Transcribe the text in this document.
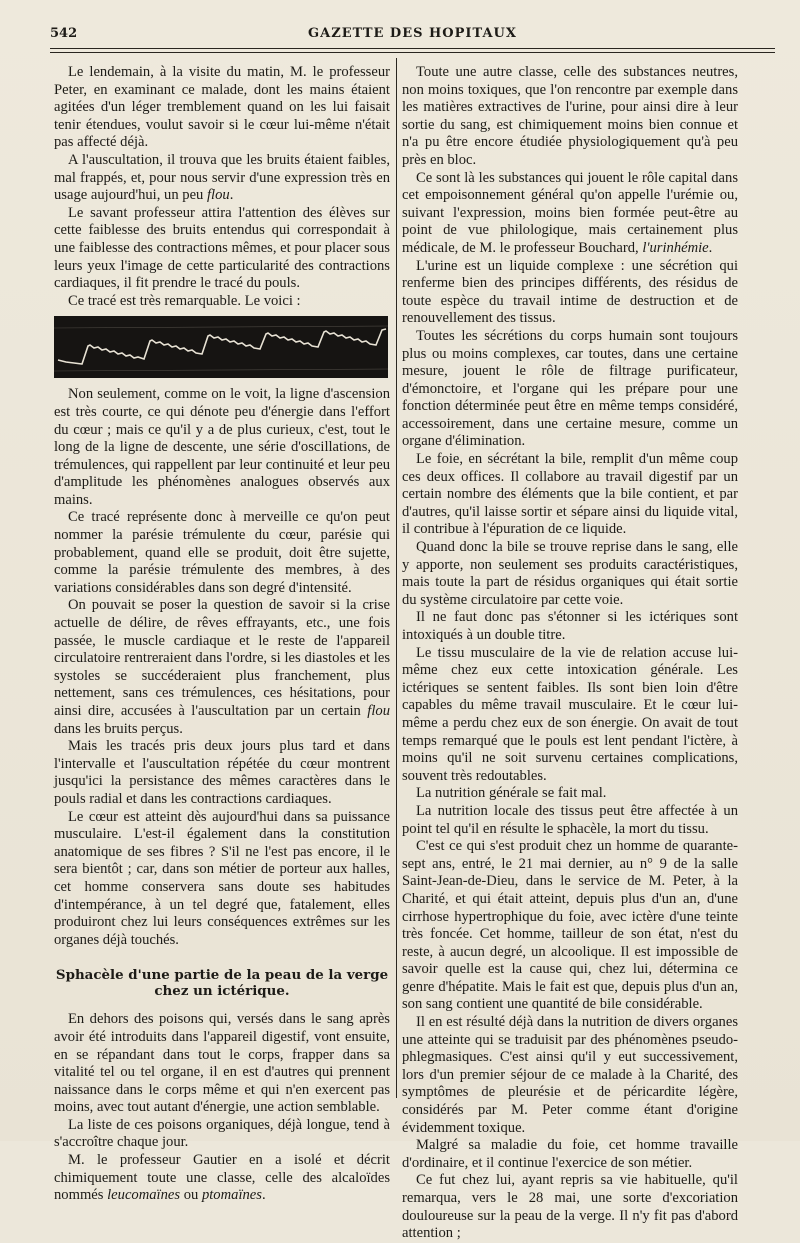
542	GAZETTE DES HOPITAUX

Le lendemain, à la visite du matin, M. le professeur Peter, en examinant ce malade, dont les mains étaient agitées d'un léger tremblement quand on les lui faisait tenir étendues, voulut savoir si le cœur lui-même n'était pas affecté déjà.

A l'auscultation, il trouva que les bruits étaient faibles, mal frappés, et, pour nous servir d'une expression très en usage aujourd'hui, un peu flou.

Le savant professeur attira l'attention des élèves sur cette faiblesse des bruits entendus qui correspondait à une faiblesse des contractions mêmes, et pour placer sous leurs yeux l'image de cette particularité des contractions cardiaques, il fit prendre le tracé du pouls.

Ce tracé est très remarquable. Le voici :

Non seulement, comme on le voit, la ligne d'ascension est très courte, ce qui dénote peu d'énergie dans l'effort du cœur ; mais ce qu'il y a de plus curieux, c'est, tout le long de la ligne de descente, une série d'oscillations, de trémulences, qui rappellent par leur continuité et leur peu d'amplitude les phénomènes analogues observés aux mains.

Ce tracé représente donc à merveille ce qu'on peut nommer la parésie trémulente du cœur, parésie qui probablement, quand elle se produit, doit être sujette, comme la parésie trémulente des membres, à des variations considérables dans son degré d'intensité.

On pouvait se poser la question de savoir si la crise actuelle de délire, de rêves effrayants, etc., une fois passée, le muscle cardiaque et le reste de l'appareil circulatoire rentreraient dans l'ordre, si les diastoles et les systoles se succéderaient plus franchement, plus nettement, sans ces trémulences, ces hésitations, pour ainsi dire, accusées à l'auscultation par un certain flou dans les bruits perçus.

Mais les tracés pris deux jours plus tard et dans l'intervalle et l'auscultation répétée du cœur montrent jusqu'ici la persistance des mêmes caractères dans le pouls radial et dans les contractions cardiaques.

Le cœur est atteint dès aujourd'hui dans sa puissance musculaire. L'est-il également dans la constitution anatomique de ses fibres ? S'il ne l'est pas encore, il le sera bientôt ; car, dans son métier de porteur aux halles, cet homme conservera sans doute ses habitudes d'intempérance, à un tel degré que, fatalement, elles produiront chez lui leurs conséquences extrêmes sur les organes déjà touchés.

Sphacèle d'une partie de la peau de la verge chez un ictérique.

En dehors des poisons qui, versés dans le sang après avoir été introduits dans l'appareil digestif, vont ensuite, en se répandant dans tout le corps, frapper dans sa vitalité tel ou tel organe, il en est d'autres qui prennent naissance dans le corps même et qui n'en exercent pas moins, avec tout autant d'énergie, une action semblable.

La liste de ces poisons organiques, déjà longue, tend à s'accroître chaque jour.

M. le professeur Gautier en a isolé et décrit chimiquement toute une classe, celle des alcaloïdes nommés leucomaïnes ou ptomaïnes.

Toute une autre classe, celle des substances neutres, non moins toxiques, que l'on rencontre par exemple dans les matières extractives de l'urine, pour ainsi dire à leur sortie du sang, est chimiquement moins bien connue et n'a pu être encore étudiée physiologiquement qu'à peu près en bloc.

Ce sont là les substances qui jouent le rôle capital dans cet empoisonnement général qu'on appelle l'urémie ou, suivant l'expression, moins bien formée peut-être au point de vue philologique, mais certainement plus médicale, de M. le professeur Bouchard, l'urinhémie.

L'urine est un liquide complexe : une sécrétion qui renferme bien des principes différents, des résidus de toute espèce du travail intime de destruction et de renouvellement des tissus.

Toutes les sécrétions du corps humain sont toujours plus ou moins complexes, car toutes, dans une certaine mesure, jouent le rôle de filtrage purificateur, d'émonctoire, et l'organe qui les prépare pour une fonction déterminée peut être en même temps considéré, accessoirement, dans une certaine mesure, comme un organe d'élimination.

Le foie, en sécrétant la bile, remplit d'un même coup ces deux offices. Il collabore au travail digestif par un certain nombre des éléments que la bile contient, et par d'autres, qu'il laisse sortir et sépare ainsi du liquide vital, il contribue à l'épuration de ce liquide.

Quand donc la bile se trouve reprise dans le sang, elle y apporte, non seulement ses produits caractéristiques, mais toute la part de résidus organiques qui était sortie du système circulatoire par cette voie.

Il ne faut donc pas s'étonner si les ictériques sont intoxiqués à un double titre.

Le tissu musculaire de la vie de relation accuse lui-même chez eux cette intoxication générale. Les ictériques se sentent faibles. Ils sont bien loin d'être capables du même travail musculaire. Et le cœur lui-même a perdu chez eux de son énergie. On avait de tout temps remarqué que le pouls est lent pendant l'ictère, à moins qu'il ne soit survenu certaines complications, souvent très redoutables.

La nutrition générale se fait mal.

La nutrition locale des tissus peut être affectée à un point tel qu'il en résulte le sphacèle, la mort du tissu.

C'est ce qui s'est produit chez un homme de quarante-sept ans, entré, le 21 mai dernier, au n° 9 de la salle Saint-Jean-de-Dieu, dans le service de M. Peter, à la Charité, et qui était atteint, depuis plus d'un an, d'une cirrhose hypertrophique du foie, avec ictère d'une teinte très foncée. Cet homme, tailleur de son état, n'est du reste, à aucun degré, un alcoolique. Il est impossible de savoir quelle est la cause qui, chez lui, détermina ce genre d'hépatite. Mais le fait est que, depuis plus d'un an, son sang contient une quantité de bile considérable.

Il en est résulté déjà dans la nutrition de divers organes une atteinte qui se traduisit par des phénomènes pseudo-phlegmasiques. C'est ainsi qu'il y eut successivement, lors d'un premier séjour de ce malade à la Charité, des symptômes de pleurésie et de péricardite légère, considérés par M. Peter comme étant d'origine évidemment toxique.

Malgré sa maladie du foie, cet homme travaille d'ordinaire, et il continue l'exercice de son métier.

Ce fut chez lui, ayant repris sa vie habituelle, qu'il remarqua, vers le 28 mai, une sorte d'excoriation douloureuse sur la peau de la verge. Il n'y fit pas d'abord attention ;
